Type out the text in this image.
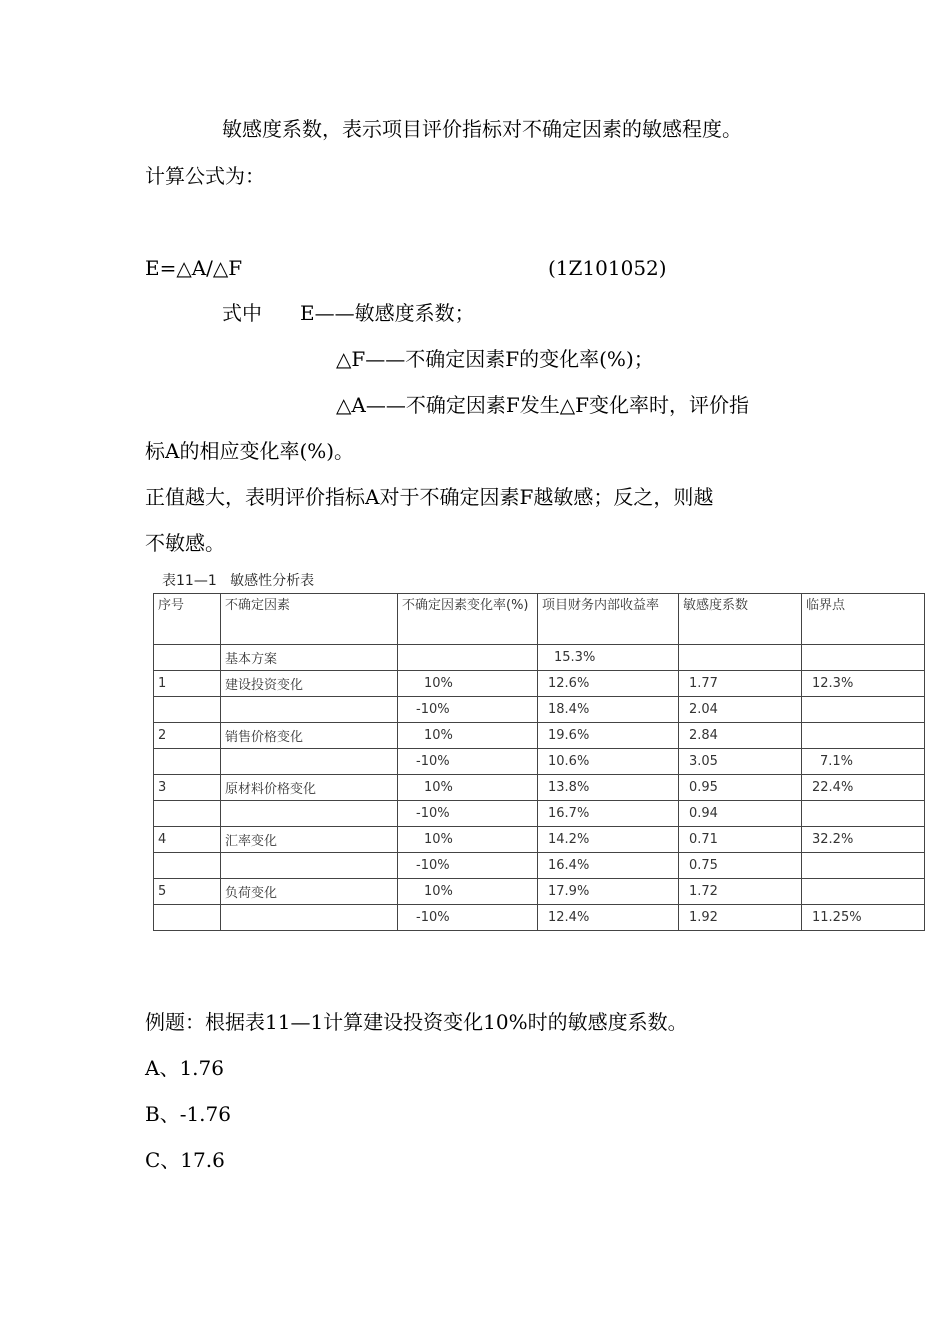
敏感度系数，表示项目评价指标对不确定因素的敏感程度。
计算公式为：
E=△A/△F	(1Z101052)
式中 E——敏感度系数；
△F——不确定因素F的变化率(%)；
△A——不确定因素F发生△F变化率时，评价指
标A的相应变化率(%)。
正值越大，表明评价指标A对于不确定因素F越敏感；反之，则越
不敏感。
表11—1   敏感性分析表
序号	不确定因素	不确定因素变化率(%)	项目财务内部收益率	敏感度系数	临界点
	基本方案		15.3%		
1	建设投资变化	10%	12.6%	1.77	12.3%
		-10%	18.4%	2.04	
2	销售价格变化	10%	19.6%	2.84	
		-10%	10.6%	3.05	7.1%
3	原材料价格变化	10%	13.8%	0.95	22.4%
		-10%	16.7%	0.94	
4	汇率变化	10%	14.2%	0.71	32.2%
		-10%	16.4%	0.75	
5	负荷变化	10%	17.9%	1.72	
		-10%	12.4%	1.92	11.25%
例题：根据表11—1计算建设投资变化10%时的敏感度系数。
A、1.76
B、-1.76
C、17.6
